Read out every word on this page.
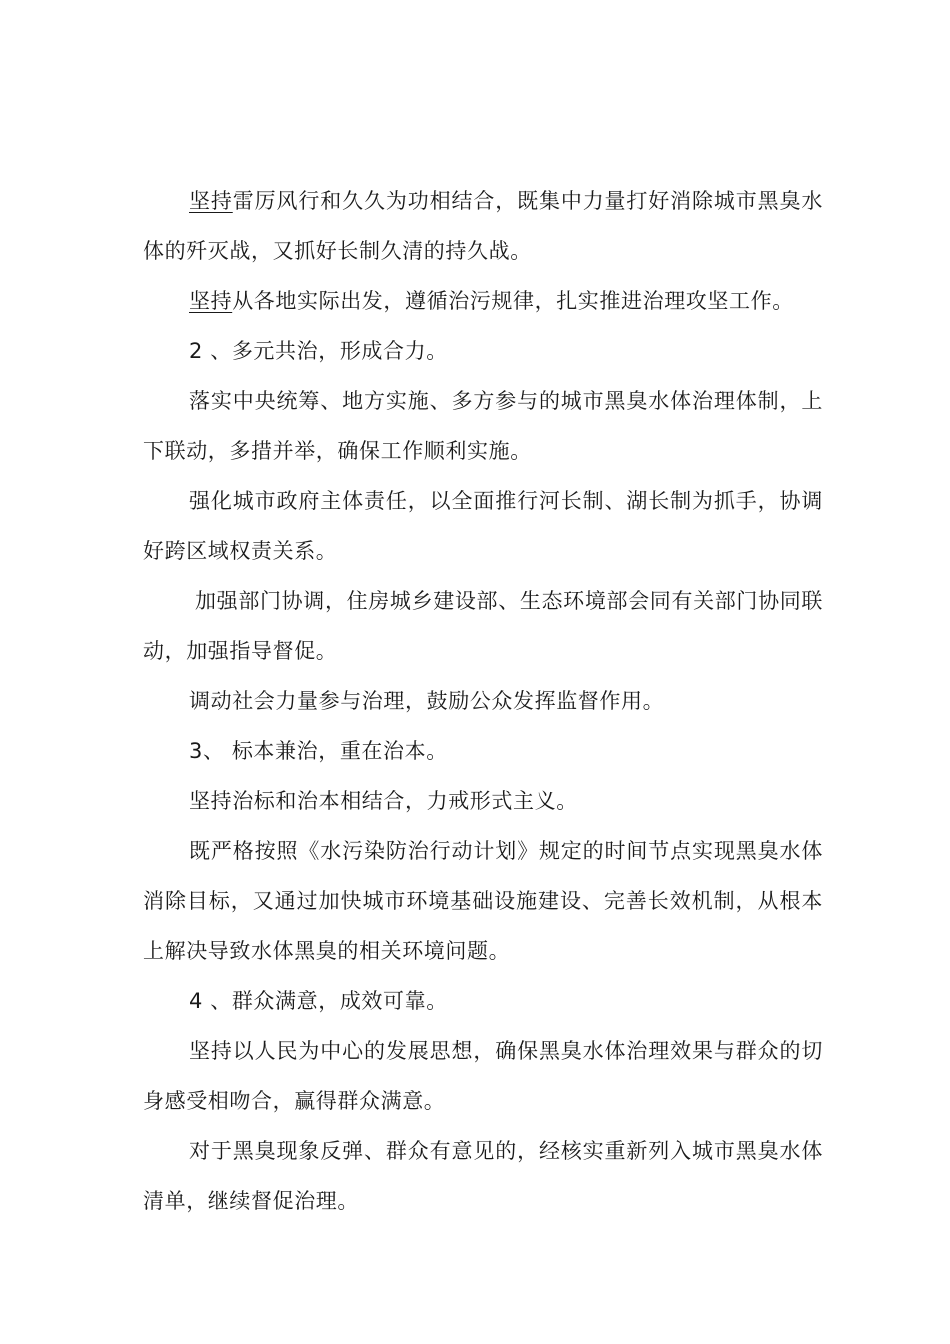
坚持雷厉风行和久久为功相结合，既集中力量打好消除城市黑臭水体的歼灭战，又抓好长制久清的持久战。

坚持从各地实际出发，遵循治污规律，扎实推进治理攻坚工作。

2 、多元共治，形成合力。

落实中央统筹、地方实施、多方参与的城市黑臭水体治理体制，上下联动，多措并举，确保工作顺利实施。

强化城市政府主体责任，以全面推行河长制、湖长制为抓手，协调好跨区域权责关系。

加强部门协调，住房城乡建设部、生态环境部会同有关部门协同联动，加强指导督促。

调动社会力量参与治理，鼓励公众发挥监督作用。

3、 标本兼治，重在治本。

坚持治标和治本相结合，力戒形式主义。

既严格按照《水污染防治行动计划》规定的时间节点实现黑臭水体消除目标，又通过加快城市环境基础设施建设、完善长效机制，从根本上解决导致水体黑臭的相关环境问题。

4 、群众满意，成效可靠。

坚持以人民为中心的发展思想，确保黑臭水体治理效果与群众的切身感受相吻合，赢得群众满意。

对于黑臭现象反弹、群众有意见的，经核实重新列入城市黑臭水体清单，继续督促治理。
